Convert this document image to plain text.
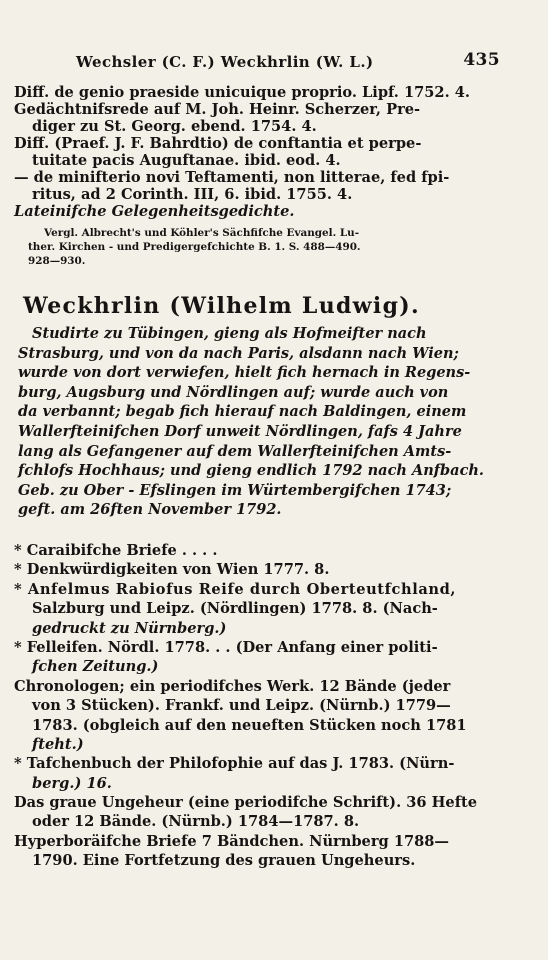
Wechsler (C. F.) Weckhrlin (W. L.)	435
Diff. de genio praeside unicuique proprio. Lipf. 1752. 4.
Gedächtnifsrede auf M. Joh. Heinr. Scherzer, Pre-
diger zu St. Georg. ebend. 1754. 4.
Diff. (Praef. J. F. Bahrdtio) de conftantia et perpe-
tuitate pacis Auguftanae. ibid. eod. 4.
— de minifterio novi Teftamenti, non litterae, fed fpi-
ritus, ad 2 Corinth. III, 6. ibid. 1755. 4.
Lateinifche Gelegenheitsgedichte.
Vergl. Albrecht's und Köhler's Sächfifche Evangel. Lu-
ther. Kirchen - und Predigergefchichte B. 1. S. 488—490.
928—930.
Weckhrlin (Wilhelm Ludwig).
Studirte zu Tübingen, gieng als Hofmeifter nach
Strasburg, und von da nach Paris, alsdann nach Wien;
wurde von dort verwiefen, hielt fich hernach in Regens-
burg, Augsburg und Nördlingen auf; wurde auch von
da verbannt; begab fich hierauf nach Baldingen, einem
Wallerfteinifchen Dorf unweit Nördlingen, fafs 4 Jahre
lang als Gefangener auf dem Wallerfteinifchen Amts-
fchlofs Hochhaus; und gieng endlich 1792 nach Anfbach.
Geb. zu Ober - Efslingen im Würtembergifchen 1743;
geft. am 26ften November 1792.
* Caraibifche Briefe . . . .
* Denkwürdigkeiten von Wien 1777. 8.
* Anfelmus Rabiofus Reife durch Oberteutfchland,
Salzburg und Leipz. (Nördlingen) 1778. 8. (Nach-
gedruckt zu Nürnberg.)
* Felleifen. Nördl. 1778. . . (Der Anfang einer politi-
fchen Zeitung.)
Chronologen; ein periodifches Werk. 12 Bände (jeder
von 3 Stücken). Frankf. und Leipz. (Nürnb.) 1779—
1783. (obgleich auf den neueften Stücken noch 1781
fteht.)
* Tafchenbuch der Philofophie auf das J. 1783. (Nürn-
berg.) 16.
Das graue Ungeheur (eine periodifche Schrift). 36 Hefte
oder 12 Bände. (Nürnb.) 1784—1787. 8.
Hyperboräifche Briefe 7 Bändchen. Nürnberg 1788—
1790. Eine Fortfetzung des grauen Ungeheurs.
